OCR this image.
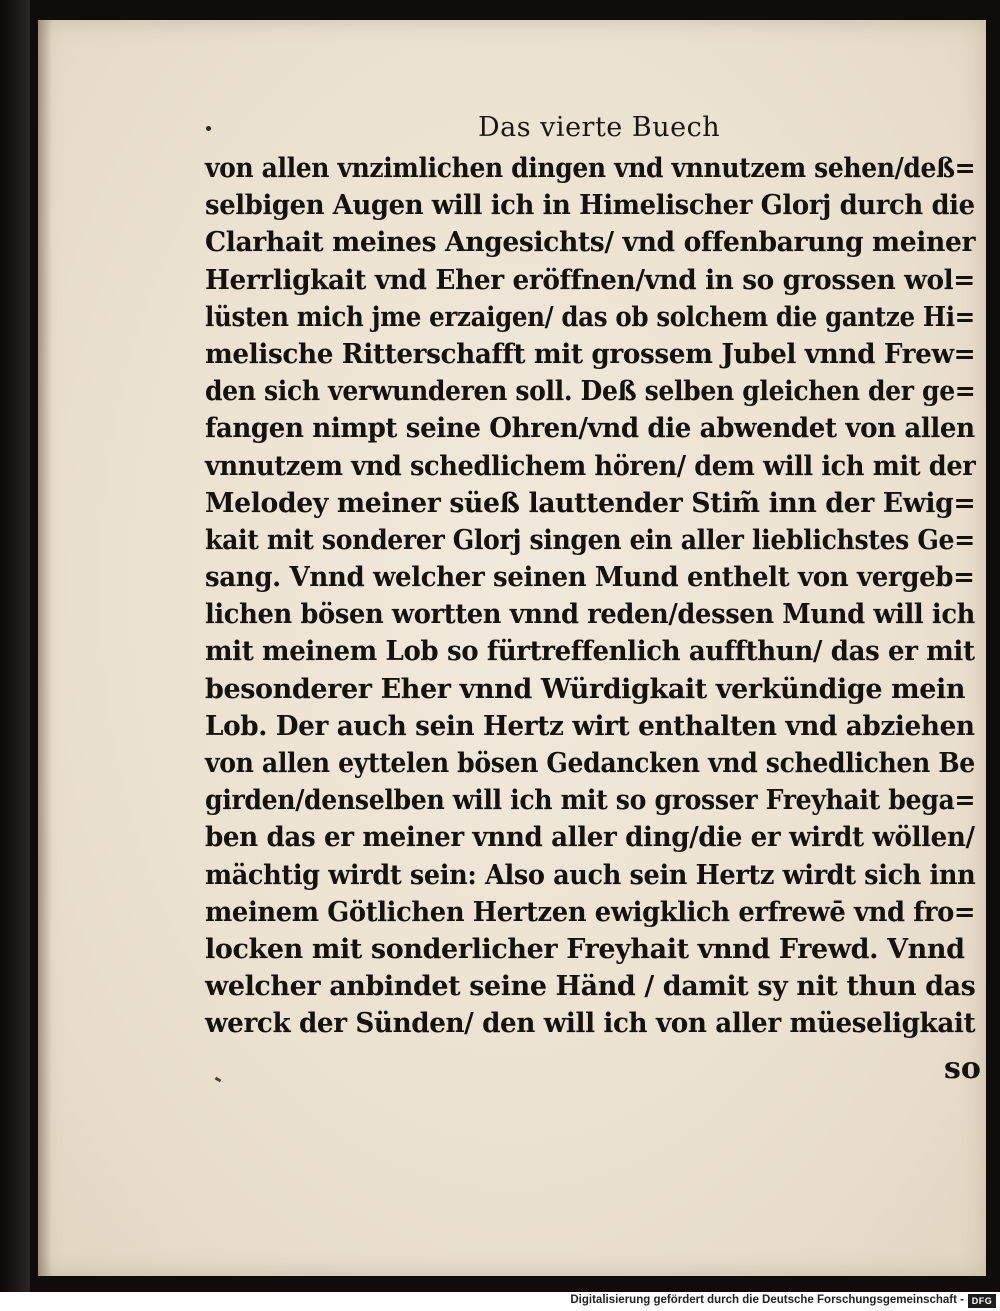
Das vierte Buech
von allen vnzimlichen dingen vnd vnnutzem sehen/deß=
selbigen Augen will ich in Himelischer Glorj durch die
Clarhait meines Angesichts/ vnd offenbarung meiner
Herrligkait vnd Eher eröffnen/vnd in so grossen wol=
lüsten mich jme erzaigen/ das ob solchem die gantze Hi=
melische Ritterschafft mit grossem Jubel vnnd Frew=
den sich verwunderen soll. Deß selben gleichen der ge=
fangen nimpt seine Ohren/vnd die abwendet von allen
vnnutzem vnd schedlichem hören/ dem will ich mit der
Melodey meiner süeß lauttender Stim̃ inn der Ewig=
kait mit sonderer Glorj singen ein aller lieblichstes Ge=
sang. Vnnd welcher seinen Mund enthelt von vergeb=
lichen bösen wortten vnnd reden/dessen Mund will ich
mit meinem Lob so fürtreffenlich auffthun/ das er mit
besonderer Eher vnnd Würdigkait verkündige mein
Lob. Der auch sein Hertz wirt enthalten vnd abziehen
von allen eyttelen bösen Gedancken vnd schedlichen Be
girden/denselben will ich mit so grosser Freyhait bega=
ben das er meiner vnnd aller ding/die er wirdt wöllen/
mächtig wirdt sein: Also auch sein Hertz wirdt sich inn
meinem Götlichen Hertzen ewigklich erfrewē vnd fro=
locken mit sonderlicher Freyhait vnnd Frewd. Vnnd
welcher anbindet seine Händ / damit sy nit thun das
werck der Sünden/ den will ich von aller müeseligkait
so
Digitalisierung gefördert durch die Deutsche Forschungsgemeinschaft - DFG
